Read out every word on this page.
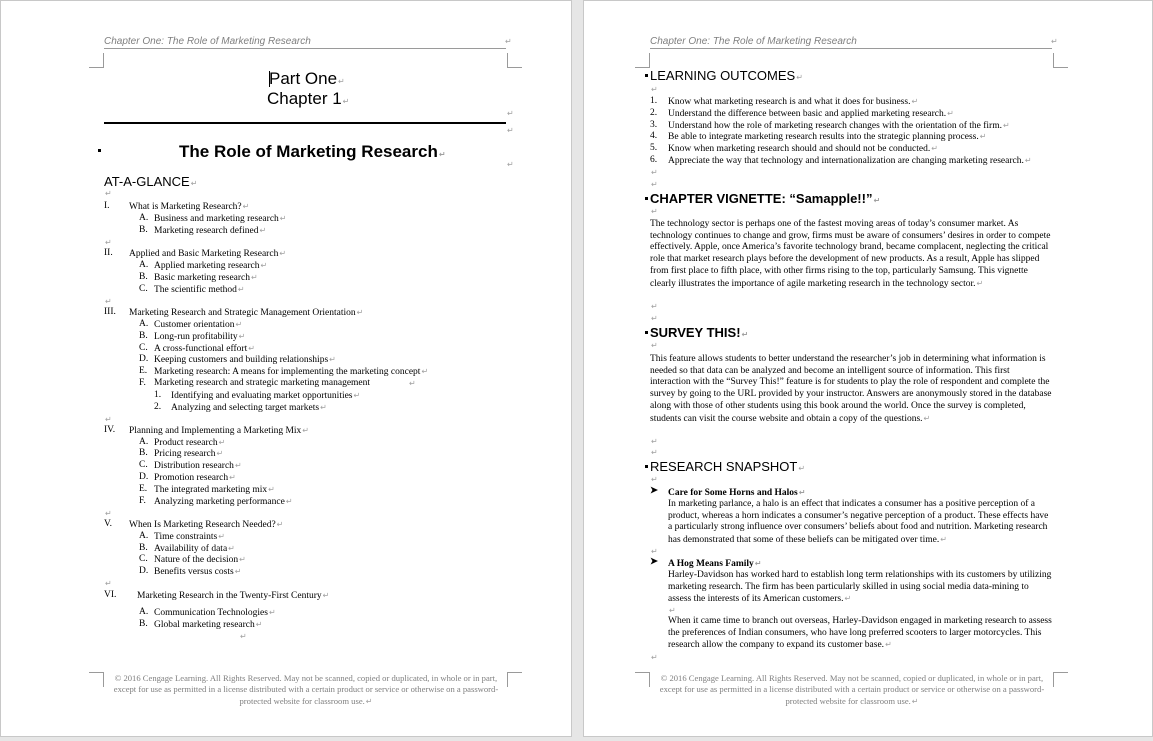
Chapter One: The Role of Marketing Research	↵
Part One↵
Chapter 1↵
↵
↵
The Role of Marketing Research↵
↵
AT-A-GLANCE↵
↵
I. What is Marketing Research?↵
A. Business and marketing research↵
B. Marketing research defined↵
↵
II. Applied and Basic Marketing Research↵
A. Applied marketing research↵
B. Basic marketing research↵
C. The scientific method↵
↵
III. Marketing Research and Strategic Management Orientation↵
A. Customer orientation↵
B. Long-run profitability↵
C. A cross-functional effort↵
D. Keeping customers and building relationships↵
E. Marketing research: A means for implementing the marketing concept↵
F. Marketing research and strategic marketing management	↵
1. Identifying and evaluating market opportunities↵
2. Analyzing and selecting target markets↵
↵
IV. Planning and Implementing a Marketing Mix↵
A. Product research↵
B. Pricing research↵
C. Distribution research↵
D. Promotion research↵
E. The integrated marketing mix↵
F. Analyzing marketing performance↵
↵
V. When Is Marketing Research Needed?↵
A. Time constraints↵
B. Availability of data↵
C. Nature of the decision↵
D. Benefits versus costs↵
↵
VI. Marketing Research in the Twenty-First Century↵
A. Communication Technologies↵
B. Global marketing research↵
↵
© 2016 Cengage Learning. All Rights Reserved. May not be scanned, copied or duplicated, in whole or in part, except for use as permitted in a license distributed with a certain product or service or otherwise on a password-protected website for classroom use.↵
Chapter One: The Role of Marketing Research	↵
LEARNING OUTCOMES↵
↵
1. Know what marketing research is and what it does for business.↵
2. Understand the difference between basic and applied marketing research.↵
3. Understand how the role of marketing research changes with the orientation of the firm.↵
4. Be able to integrate marketing research results into the strategic planning process.↵
5. Know when marketing research should and should not be conducted.↵
6. Appreciate the way that technology and internationalization are changing marketing research.↵
↵
↵
CHAPTER VIGNETTE: “Samapple!!”↵
↵
The technology sector is perhaps one of the fastest moving areas of today’s consumer market. As technology continues to change and grow, firms must be aware of consumers’ desires in order to compete effectively. Apple, once America’s favorite technology brand, became complacent, neglecting the critical role that market research plays before the development of new products. As a result, Apple has slipped from first place to fifth place, with other firms rising to the top, particularly Samsung. This vignette clearly illustrates the importance of agile marketing research in the technology sector.↵
↵
↵
SURVEY THIS!↵
↵
This feature allows students to better understand the researcher’s job in determining what information is needed so that data can be analyzed and become an intelligent source of information. This first interaction with the “Survey This!” feature is for students to play the role of respondent and complete the survey by going to the URL provided by your instructor. Answers are anonymously stored in the database along with those of other students using this book around the world. Once the survey is completed, students can visit the course website and obtain a copy of the questions.↵
↵
↵
RESEARCH SNAPSHOT↵
↵
➤ Care for Some Horns and Halos↵
In marketing parlance, a halo is an effect that indicates a consumer has a positive perception of a product, whereas a horn indicates a consumer’s negative perception of a product. These effects have a particularly strong influence over consumers’ beliefs about food and nutrition. Marketing research has demonstrated that some of these beliefs can be mitigated over time.↵
↵
➤ A Hog Means Family↵
Harley-Davidson has worked hard to establish long term relationships with its customers by utilizing marketing research. The firm has been particularly skilled in using social media data-mining to assess the interests of its American customers.↵
↵
When it came time to branch out overseas, Harley-Davidson engaged in marketing research to assess the preferences of Indian consumers, who have long preferred scooters to larger motorcycles. This research allow the company to expand its customer base.↵
↵
© 2016 Cengage Learning. All Rights Reserved. May not be scanned, copied or duplicated, in whole or in part, except for use as permitted in a license distributed with a certain product or service or otherwise on a password-protected website for classroom use.↵
